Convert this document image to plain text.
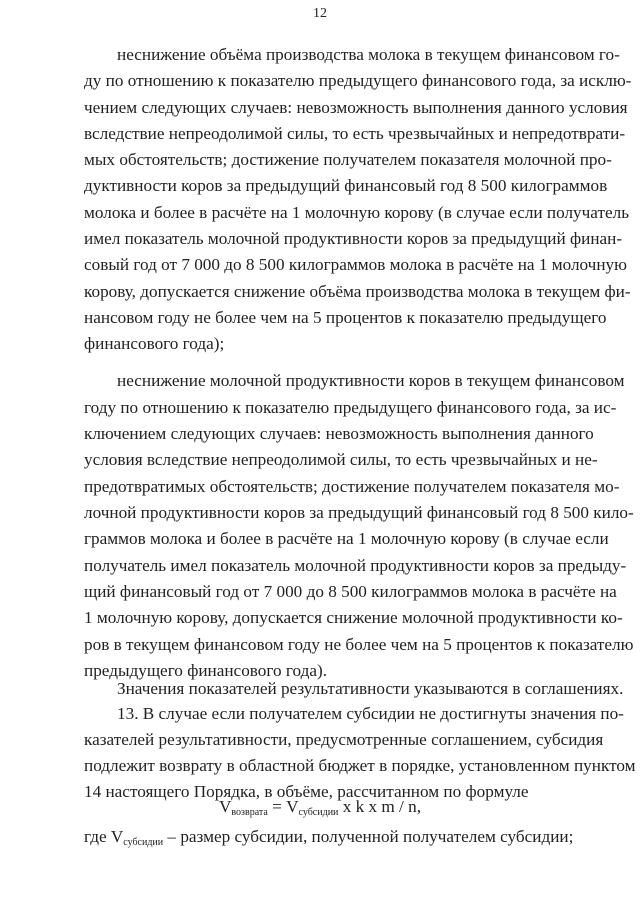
12
неснижение объёма производства молока в текущем финансовом го-
ду по отношению к показателю предыдущего финансового года, за исклю-
чением следующих случаев: невозможность выполнения данного условия
вследствие непреодолимой силы, то есть чрезвычайных и непредотврати-
мых обстоятельств; достижение получателем показателя молочной про-
дуктивности коров за предыдущий финансовый год 8 500 килограммов
молока и более в расчёте на 1 молочную корову (в случае если получатель
имел показатель молочной продуктивности коров за предыдущий финан-
совый год от 7 000 до 8 500 килограммов молока в расчёте на 1 молочную
корову, допускается снижение объёма производства молока в текущем фи-
нансовом году не более чем на 5 процентов к показателю предыдущего
финансового года);
неснижение молочной продуктивности коров в текущем финансовом
году по отношению к показателю предыдущего финансового года, за ис-
ключением следующих случаев: невозможность выполнения данного
условия вследствие непреодолимой силы, то есть чрезвычайных и не-
предотвратимых обстоятельств; достижение получателем показателя мо-
лочной продуктивности коров за предыдущий финансовый год 8 500 кило-
граммов молока и более в расчёте на 1 молочную корову (в случае если
получатель имел показатель молочной продуктивности коров за предыду-
щий финансовый год от 7 000 до 8 500 килограммов молока в расчёте на
1 молочную корову, допускается снижение молочной продуктивности ко-
ров в текущем финансовом году не более чем на 5 процентов к показателю
предыдущего финансового года).
Значения показателей результативности указываются в соглашениях.
13. В случае если получателем субсидии не достигнуты значения по-
казателей результативности, предусмотренные соглашением, субсидия
подлежит возврату в областной бюджет в порядке, установленном пунктом
14 настоящего Порядка, в объёме, рассчитанном по формуле
$V_{возврата} = V_{субсидии}$ x k x m / n,
где $V_{субсидии}$ – размер субсидии, полученной получателем субсидии;
